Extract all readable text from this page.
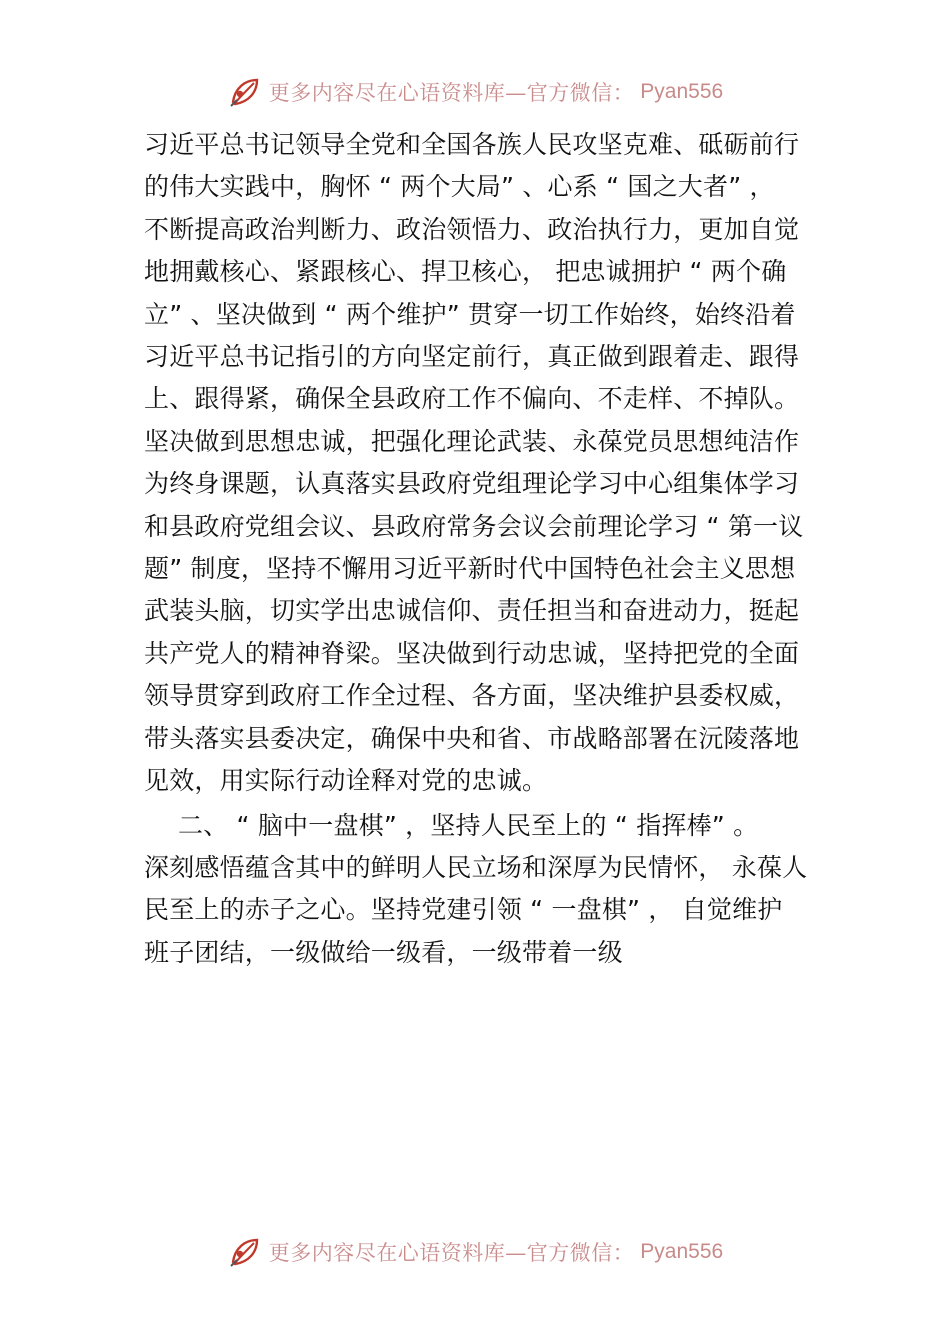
更多内容尽在心语资料库—官方微信： Pyan556

习近平总书记领导全党和全国各族人民攻坚克难、砥砺前行
的伟大实践中，胸怀 “ 两个大局” 、心系 “ 国之大者” ，
不断提高政治判断力、政治领悟力、政治执行力，更加自觉
地拥戴核心、紧跟核心、捍卫核心， 把忠诚拥护 “ 两个确
立” 、坚决做到 “ 两个维护” 贯穿一切工作始终，始终沿着
习近平总书记指引的方向坚定前行，真正做到跟着走、跟得
上、跟得紧，确保全县政府工作不偏向、不走样、不掉队。
坚决做到思想忠诚，把强化理论武装、永葆党员思想纯洁作
为终身课题，认真落实县政府党组理论学习中心组集体学习
和县政府党组会议、县政府常务会议会前理论学习 “ 第一议
题” 制度，坚持不懈用习近平新时代中国特色社会主义思想
武装头脑，切实学出忠诚信仰、责任担当和奋进动力，挺起
共产党人的精神脊梁。坚决做到行动忠诚，坚持把党的全面
领导贯穿到政府工作全过程、各方面，坚决维护县委权威，
带头落实县委决定，确保中央和省、市战略部署在沅陵落地
见效，用实际行动诠释对党的忠诚。

二、 “ 脑中一盘棋” ，坚持人民至上的 “ 指挥棒” 。
深刻感悟蕴含其中的鲜明人民立场和深厚为民情怀， 永葆人
民至上的赤子之心。坚持党建引领 “ 一盘棋” ， 自觉维护
班子团结，一级做给一级看，一级带着一级

更多内容尽在心语资料库—官方微信： Pyan556
